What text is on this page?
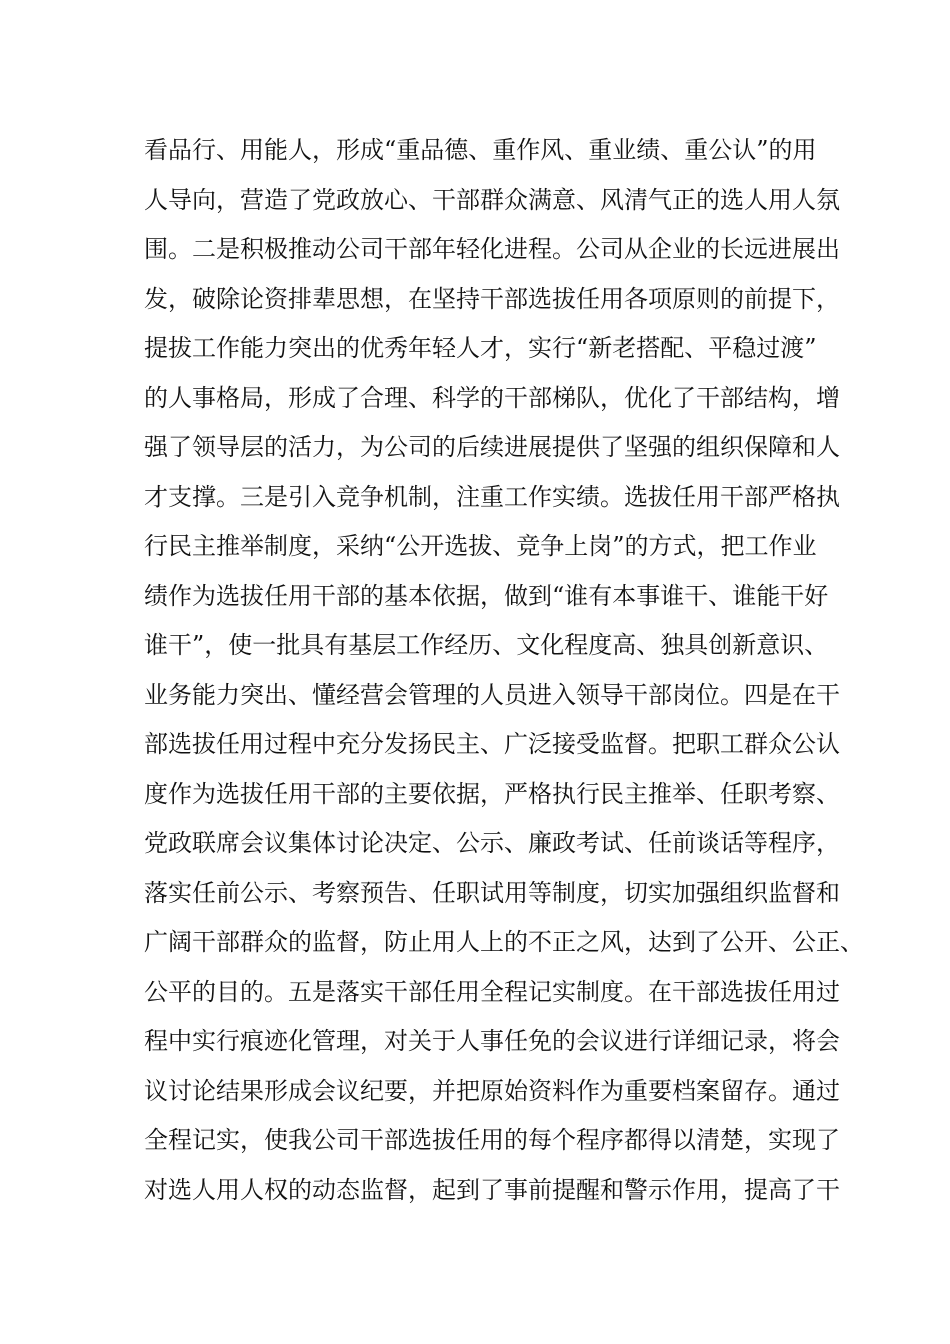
看品行、用能人，形成“重品德、重作风、重业绩、重公认”的用
人导向，营造了党政放心、干部群众满意、风清气正的选人用人氛
围。二是积极推动公司干部年轻化进程。公司从企业的长远进展出
发，破除论资排辈思想，在坚持干部选拔任用各项原则的前提下，
提拔工作能力突出的优秀年轻人才，实行“新老搭配、平稳过渡”
的人事格局，形成了合理、科学的干部梯队，优化了干部结构，增
强了领导层的活力，为公司的后续进展提供了坚强的组织保障和人
才支撑。三是引入竞争机制，注重工作实绩。选拔任用干部严格执
行民主推举制度，采纳“公开选拔、竞争上岗”的方式，把工作业
绩作为选拔任用干部的基本依据，做到“谁有本事谁干、谁能干好
谁干”，使一批具有基层工作经历、文化程度高、独具创新意识、
业务能力突出、懂经营会管理的人员进入领导干部岗位。四是在干
部选拔任用过程中充分发扬民主、广泛接受监督。把职工群众公认
度作为选拔任用干部的主要依据，严格执行民主推举、任职考察、
党政联席会议集体讨论决定、公示、廉政考试、任前谈话等程序，
落实任前公示、考察预告、任职试用等制度，切实加强组织监督和
广阔干部群众的监督，防止用人上的不正之风，达到了公开、公正、
公平的目的。五是落实干部任用全程记实制度。在干部选拔任用过
程中实行痕迹化管理，对关于人事任免的会议进行详细记录，将会
议讨论结果形成会议纪要，并把原始资料作为重要档案留存。通过
全程记实，使我公司干部选拔任用的每个程序都得以清楚，实现了
对选人用人权的动态监督，起到了事前提醒和警示作用，提高了干
